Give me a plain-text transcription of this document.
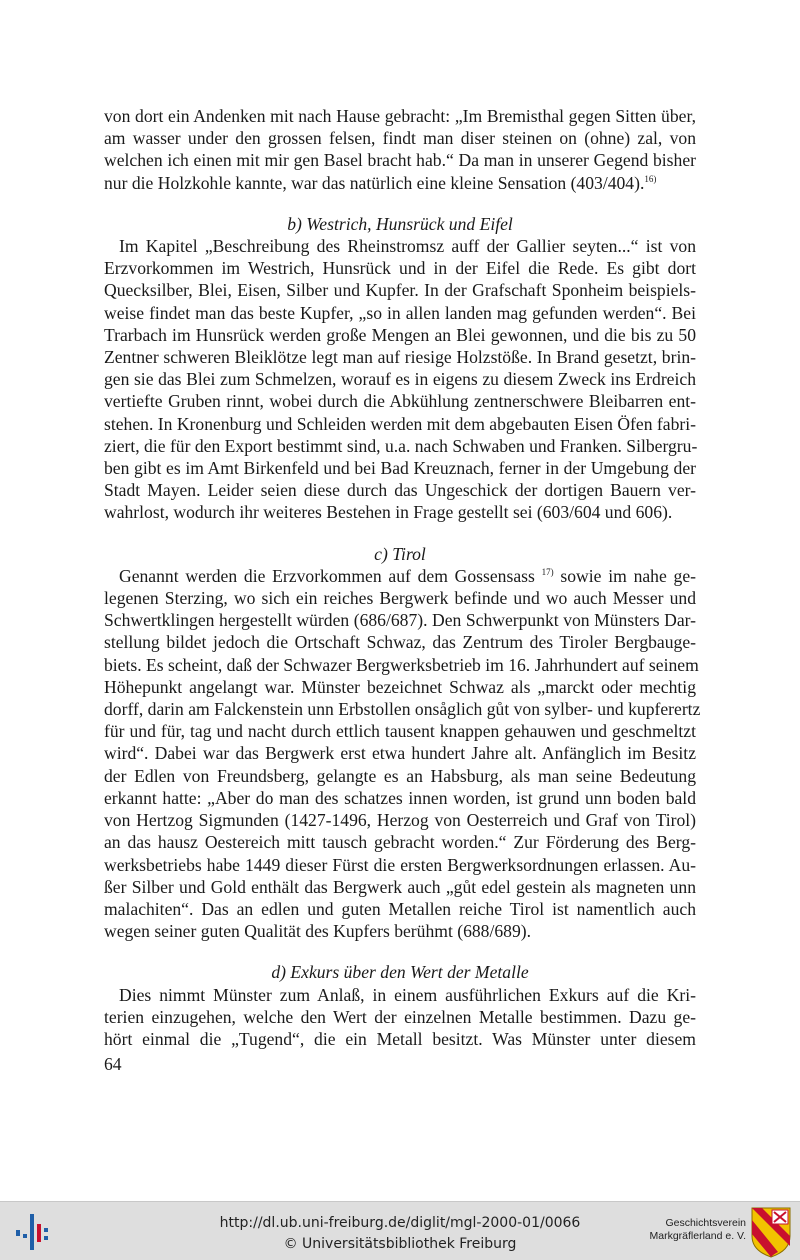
von dort ein Andenken mit nach Hause gebracht: „Im Bremisthal gegen Sitten über,
am wasser under den grossen felsen, findt man diser steinen on (ohne) zal, von
welchen ich einen mit mir gen Basel bracht hab.“ Da man in unserer Gegend bisher
nur die Holzkohle kannte, war das natürlich eine kleine Sensation (403/404).$^{16)}$

b) Westrich, Hunsrück und Eifel

Im Kapitel „Beschreibung des Rheinstromsz auff der Gallier seyten...“ ist von
Erzvorkommen im Westrich, Hunsrück und in der Eifel die Rede. Es gibt dort
Quecksilber, Blei, Eisen, Silber und Kupfer. In der Grafschaft Sponheim beispiels-
weise findet man das beste Kupfer, „so in allen landen mag gefunden werden“. Bei
Trarbach im Hunsrück werden große Mengen an Blei gewonnen, und die bis zu 50
Zentner schweren Bleiklötze legt man auf riesige Holzstöße. In Brand gesetzt, brin-
gen sie das Blei zum Schmelzen, worauf es in eigens zu diesem Zweck ins Erdreich
vertiefte Gruben rinnt, wobei durch die Abkühlung zentnerschwere Bleibarren ent-
stehen. In Kronenburg und Schleiden werden mit dem abgebauten Eisen Öfen fabri-
ziert, die für den Export bestimmt sind, u.a. nach Schwaben und Franken. Silbergru-
ben gibt es im Amt Birkenfeld und bei Bad Kreuznach, ferner in der Umgebung der
Stadt Mayen. Leider seien diese durch das Ungeschick der dortigen Bauern ver-
wahrlost, wodurch ihr weiteres Bestehen in Frage gestellt sei (603/604 und 606).

c) Tirol

Genannt werden die Erzvorkommen auf dem Gossensass $^{17)}$ sowie im nahe ge-
legenen Sterzing, wo sich ein reiches Bergwerk befinde und wo auch Messer und
Schwertklingen hergestellt würden (686/687). Den Schwerpunkt von Münsters Dar-
stellung bildet jedoch die Ortschaft Schwaz, das Zentrum des Tiroler Bergbauge-
biets. Es scheint, daß der Schwazer Bergwerksbetrieb im 16. Jahrhundert auf seinem
Höhepunkt angelangt war. Münster bezeichnet Schwaz als „marckt oder mechtig
dorff, darin am Falckenstein unn Erbstollen onsåglich gůt von sylber- und kupferertz
für und für, tag und nacht durch ettlich tausent knappen gehauwen und geschmeltzt
wird“. Dabei war das Bergwerk erst etwa hundert Jahre alt. Anfänglich im Besitz
der Edlen von Freundsberg, gelangte es an Habsburg, als man seine Bedeutung
erkannt hatte: „Aber do man des schatzes innen worden, ist grund unn boden bald
von Hertzog Sigmunden (1427-1496, Herzog von Oesterreich und Graf von Tirol)
an das hausz Oestereich mitt tausch gebracht worden.“ Zur Förderung des Berg-
werksbetriebs habe 1449 dieser Fürst die ersten Bergwerksordnungen erlassen. Au-
ßer Silber und Gold enthält das Bergwerk auch „gůt edel gestein als magneten unn
malachiten“. Das an edlen und guten Metallen reiche Tirol ist namentlich auch
wegen seiner guten Qualität des Kupfers berühmt (688/689).

d) Exkurs über den Wert der Metalle

Dies nimmt Münster zum Anlaß, in einem ausführlichen Exkurs auf die Kri-
terien einzugehen, welche den Wert der einzelnen Metalle bestimmen. Dazu ge-
hört einmal die „Tugend“, die ein Metall besitzt. Was Münster unter diesem

64
http://dl.ub.uni-freiburg.de/diglit/mgl-2000-01/0066
© Universitätsbibliothek Freiburg
Geschichtsverein
Markgräflerland e. V.
